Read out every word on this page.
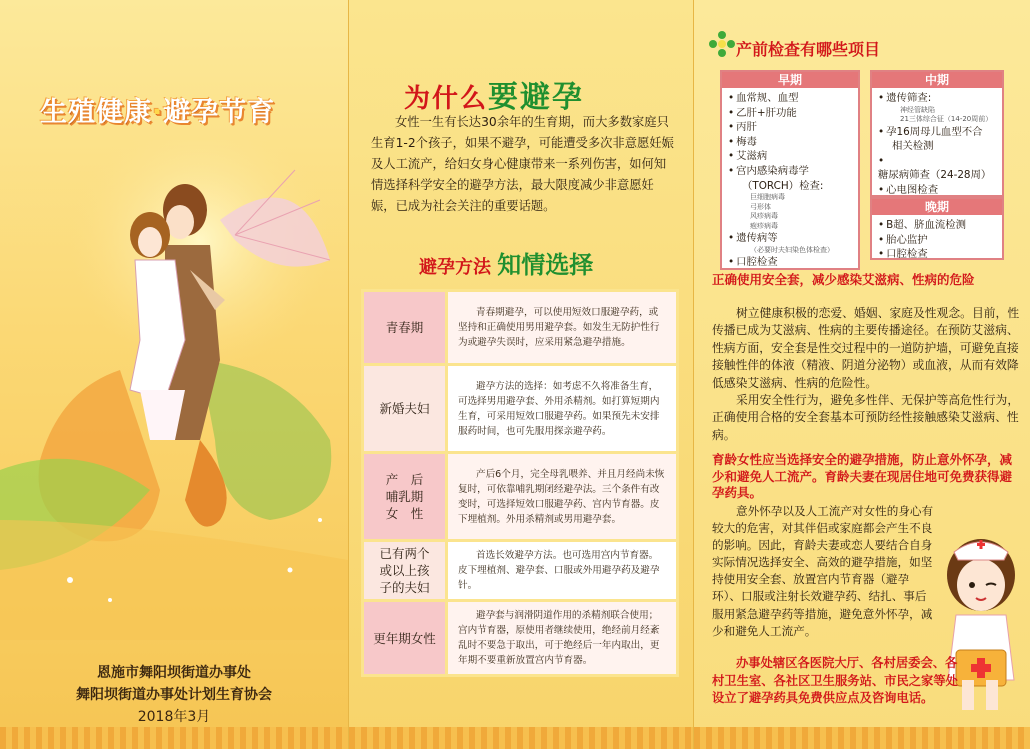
生殖健康·避孕节育
恩施市舞阳坝街道办事处
舞阳坝街道办事处计划生育协会
2018年3月
为什么要避孕

女性一生有长达30余年的生育期，而大多数家庭只生育1-2个孩子，如果不避孕，可能遭受多次非意愿妊娠及人工流产，给妇女身心健康带来一系列伤害，如何知情选择科学安全的避孕方法，最大限度减少非意愿妊娠，已成为社会关注的重要话题。

避孕方法 知情选择
青春期	青春期避孕，可以使用短效口服避孕药，或坚持和正确使用男用避孕套。如发生无防护性行为或避孕失误时，应采用紧急避孕措施。
新婚夫妇	避孕方法的选择：如考虑不久将准备生育，可选择男用避孕套、外用杀精剂。如打算短期内生育，可采用短效口服避孕药。如果预先未安排服药时间，也可先服用探亲避孕药。
产　后
哺乳期
女　性	产后6个月，完全母乳喂养、并且月经尚未恢复时，可依靠哺乳期闭经避孕法。三个条件有改变时，可选择短效口服避孕药、宫内节育器。皮下埋植剂。外用杀精剂或男用避孕套。
已有两个
或以上孩
子的夫妇	首选长效避孕方法。也可选用宫内节育器。皮下埋植剂、避孕套、口服或外用避孕药及避孕针。
更年期女性	避孕套与润滑阴道作用的杀精剂联合使用；宫内节育器，原使用者继续使用，绝经前月经紊乱时不要急于取出，可于绝经后一年内取出，更年期不要重新放置宫内节育器。
产前检查有哪些项目
早期
• 血常规、血型
• 乙肝+肝功能
• 丙肝
• 梅毒
• 艾滋病
• 宫内感染病毒学
（TORCH）检查:
巨细胞病毒
弓形体
风疹病毒
疱疹病毒
• 遗传病等
（必要时夫妇染色体检查）
• 口腔检查
中期
• 遗传筛查:
神经管缺陷
21三体综合征（14-20周前）
• 孕16周母儿血型不合
相关检测
•糖尿病筛查（24-28周）
• 心电图检查
晚期
• B超、脐血流检测
• 胎心监护
• 口腔检查
正确使用安全套，减少感染艾滋病、性病的危险

树立健康积极的恋爱、婚姻、家庭及性观念。目前，性传播已成为艾滋病、性病的主要传播途径。在预防艾滋病、性病方面，安全套是性交过程中的一道防护墙，可避免直接接触性伴的体液（精液、阴道分泌物）或血液，从而有效降低感染艾滋病、性病的危险性。

采用安全性行为，避免多性伴、无保护等高危性行为，正确使用合格的安全套基本可预防经性接触感染艾滋病、性病。

育龄女性应当选择安全的避孕措施，防止意外怀孕，减少和避免人工流产。育龄夫妻在现居住地可免费获得避孕药具。

意外怀孕以及人工流产对女性的身心有较大的危害，对其伴侣或家庭都会产生不良的影响。因此，育龄夫妻或恋人要结合自身实际情况选择安全、高效的避孕措施，如坚持使用安全套、放置宫内节育器（避孕环）、口服或注射长效避孕药、结扎、事后服用紧急避孕药等措施，避免意外怀孕，减少和避免人工流产。

办事处辖区各医院大厅、各村居委会、各村卫生室、各社区卫生服务站、市民之家等处设立了避孕药具免费供应点及咨询电话。
